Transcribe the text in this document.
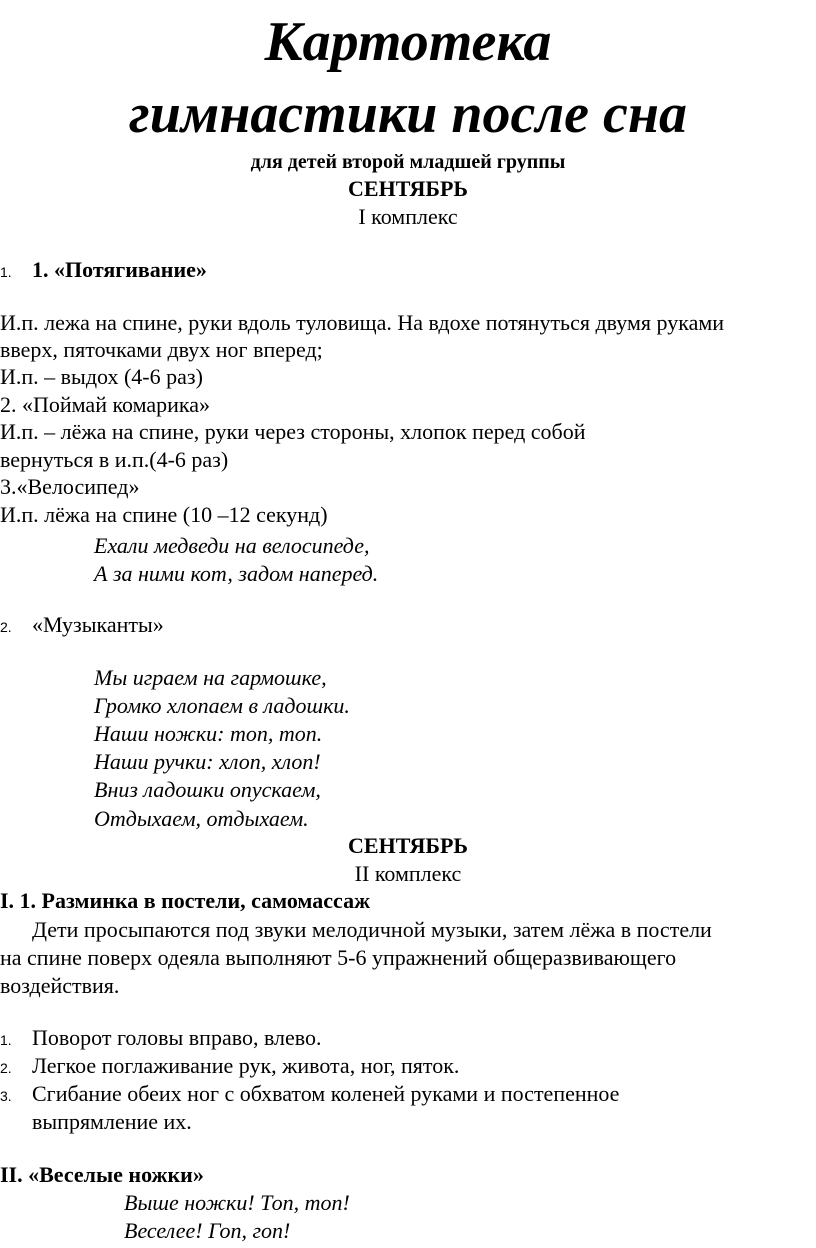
Картотека
гимнастики после сна
для детей второй младшей группы
СЕНТЯБРЬ
I комплекс
1. 1. «Потягивание»
И.п. лежа на спине, руки вдоль туловища. На вдохе потянуться двумя руками
вверх, пяточками двух ног вперед;
И.п. – выдох (4-6 раз)
2. «Поймай комарика»
И.п. – лёжа на спине, руки через стороны, хлопок перед собой
вернуться в и.п.(4-6 раз)
3.«Велосипед»
И.п. лёжа на спине (10 –12 секунд)
Ехали медведи на велосипеде,
А за ними кот, задом наперед.
2. «Музыканты»
Мы играем на гармошке,
Громко хлопаем в ладошки.
Наши ножки: топ, топ.
Наши ручки: хлоп, хлоп!
Вниз ладошки опускаем,
Отдыхаем, отдыхаем.
СЕНТЯБРЬ
II комплекс
I. 1. Разминка в постели, самомассаж
Дети просыпаются под звуки мелодичной музыки, затем лёжа в постели
на спине поверх одеяла выполняют 5-6 упражнений общеразвивающего
воздействия.
1. Поворот головы вправо, влево.
2. Легкое поглаживание рук, живота, ног, пяток.
3. Сгибание обеих ног с обхватом коленей руками и постепенное
выпрямление их.
II. «Веселые ножки»
Выше ножки! Топ, топ!
Веселее! Гоп, гоп!
